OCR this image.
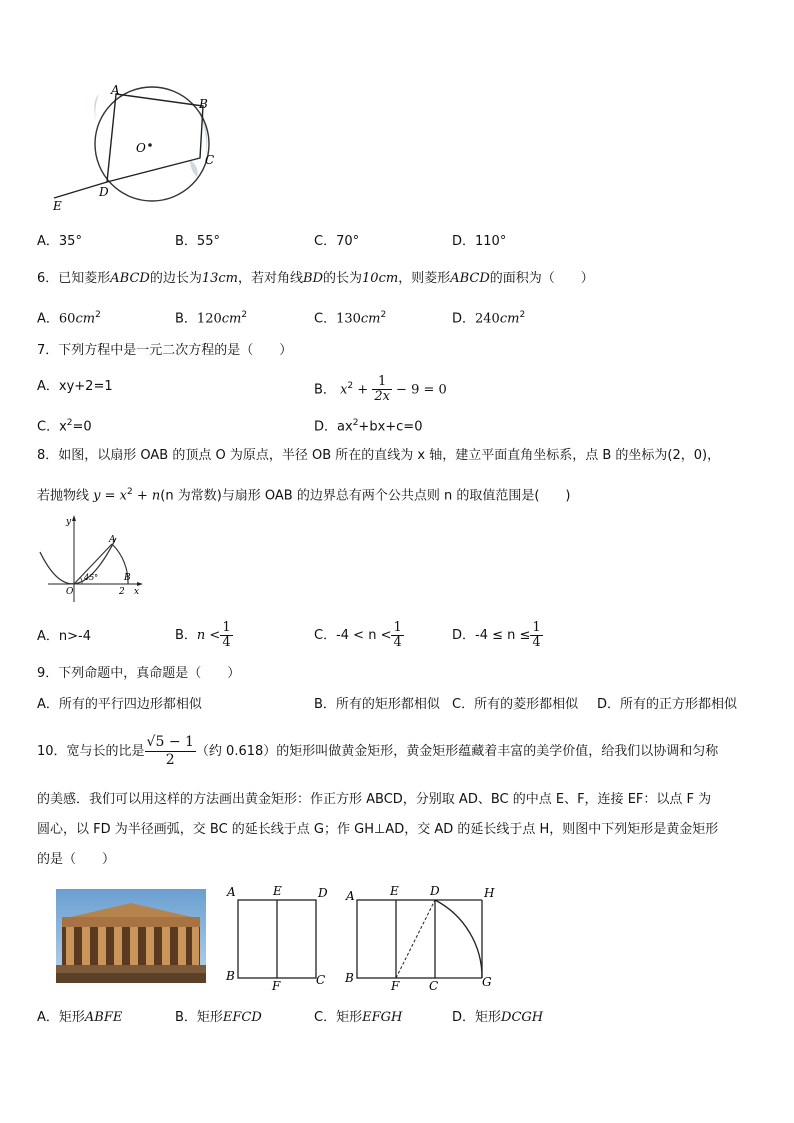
A
B
C
D
E
O
A．35°	B．55°	C．70°	D．110°
6．已知菱形ABCD的边长为13cm，若对角线BD的长为10cm，则菱形ABCD的面积为（　　）
A．$60cm^2$	B．$120cm^2$	C．$130cm^2$	D．$240cm^2$
7．下列方程中是一元二次方程的是（　　）
A．xy+2=1	B． $x^2 + \frac{1}{2x} - 9 = 0$
C．$x^2=0$	D．$ax^2+bx+c=0$
8．如图，以扇形 OAB 的顶点 O 为原点，半径 OB 所在的直线为 x 轴，建立平面直角坐标系，点 B 的坐标为(2，0)，
若抛物线 $y = x^2 + n(n$ 为常数)与扇形 OAB 的边界总有两个公共点则 n 的取值范围是(　　)
y
x
O
A
B
2
45°
A．n>-4	B．$n < \frac{1}{4}$	C．$-4 < n < \frac{1}{4}$	D．$-4 \le n \le \frac{1}{4}$
9．下列命题中，真命题是（　　）
A．所有的平行四边形都相似	B．所有的矩形都相似 C．所有的菱形都相似 D．所有的正方形都相似
10．宽与长的比是 $\frac{√5 - 1}{2}$ （约 0.618）的矩形叫做黄金矩形，黄金矩形蕴藏着丰富的美学价值，给我们以协调和匀称
的美感．我们可以用这样的方法画出黄金矩形：作正方形 ABCD，分别取 AD、BC 的中点 E、F，连接 EF：以点 F 为
圆心，以 FD 为半径画弧，交 BC 的延长线于点 G；作 GH⊥AD，交 AD 的延长线于点 H，则图中下列矩形是黄金矩形
的是（　　）
A	E	D
B
F	C
A	E	D	H
B
F C	G
A．矩形ABFE	B．矩形EFCD	C．矩形EFGH	D．矩形DCGH
